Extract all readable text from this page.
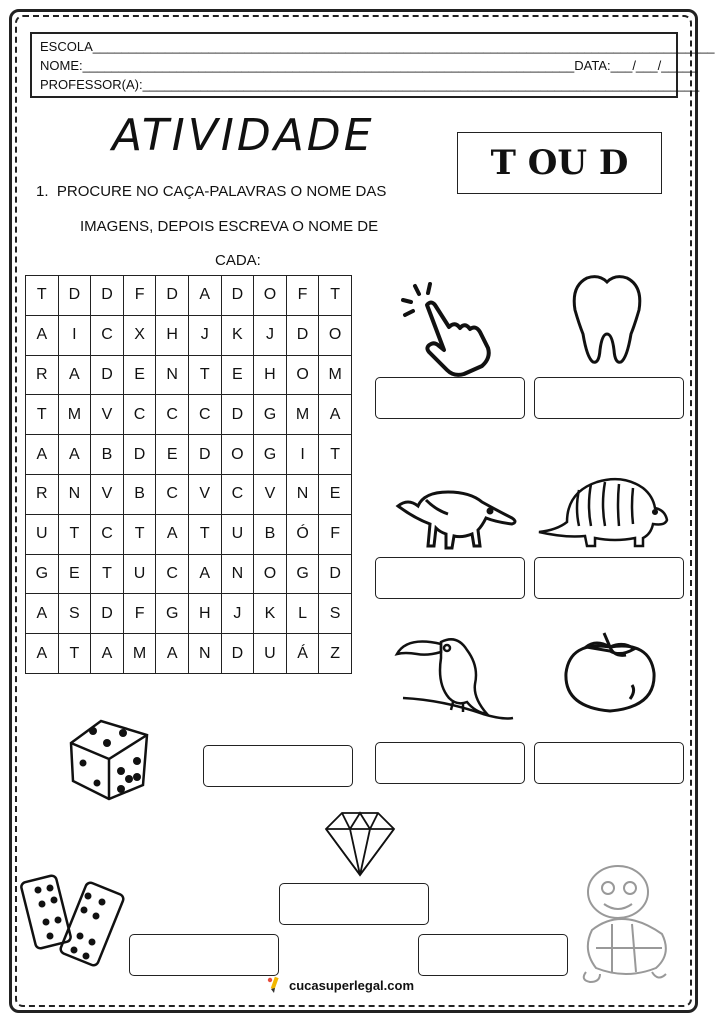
ESCOLA______________________________________________________________________________________
NOME:____________________________________________________________________DATA:___/___/_____
PROFESSOR(A):_____________________________________________________________________________
ATIVIDADE
T OU D
1. PROCURE NO CAÇA-PALAVRAS O NOME DAS
IMAGENS, DEPOIS ESCREVA O NOME DE
CADA:
T	D	D	F	D	A	D	O	F	T
A	I	C	X	H	J	K	J	D	O
R	A	D	E	N	T	E	H	O	M
T	M	V	C	C	C	D	G	M	A
A	A	B	D	E	D	O	G	I	T
R	N	V	B	C	V	C	V	N	E
U	T	C	T	A	T	U	B	Ó	F
G	E	T	U	C	A	N	O	G	D
A	S	D	F	G	H	J	K	L	S
A	T	A	M	A	N	D	U	Á	Z
cucasuperlegal.com
